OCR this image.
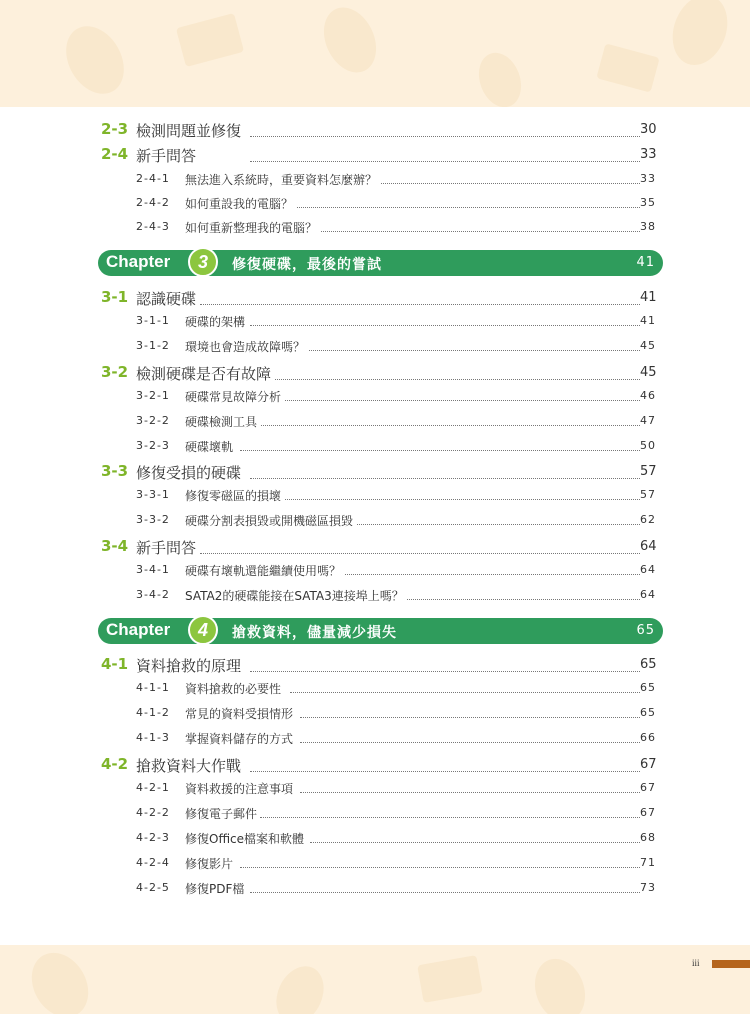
2-3 檢測問題並修復	30
2-4 新手問答	33
2-4-1 無法進入系統時，重要資料怎麼辦？	33
2-4-2 如何重設我的電腦？	35
2-4-3 如何重新整理我的電腦？	38
Chapter	3	修復硬碟，最後的嘗試	41
3-1 認識硬碟	41
3-1-1 硬碟的架構	41
3-1-2 環境也會造成故障嗎？	45
3-2 檢測硬碟是否有故障	45
3-2-1 硬碟常見故障分析	46
3-2-2 硬碟檢測工具	47
3-2-3 硬碟壞軌	50
3-3 修復受損的硬碟	57
3-3-1 修復零磁區的損壞	57
3-3-2 硬碟分割表損毀或開機磁區損毀	62
3-4 新手問答	64
3-4-1 硬碟有壞軌還能繼續使用嗎？	64
3-4-2 SATA2的硬碟能接在SATA3連接埠上嗎？	64
Chapter	4	搶救資料，儘量減少損失	65
4-1 資料搶救的原理	65
4-1-1 資料搶救的必要性	65
4-1-2 常見的資料受損情形	65
4-1-3 掌握資料儲存的方式	66
4-2 搶救資料大作戰	67
4-2-1 資料救援的注意事項	67
4-2-2 修復電子郵件	67
4-2-3 修復Office檔案和軟體	68
4-2-4 修復影片	71
4-2-5 修復PDF檔	73
iii
